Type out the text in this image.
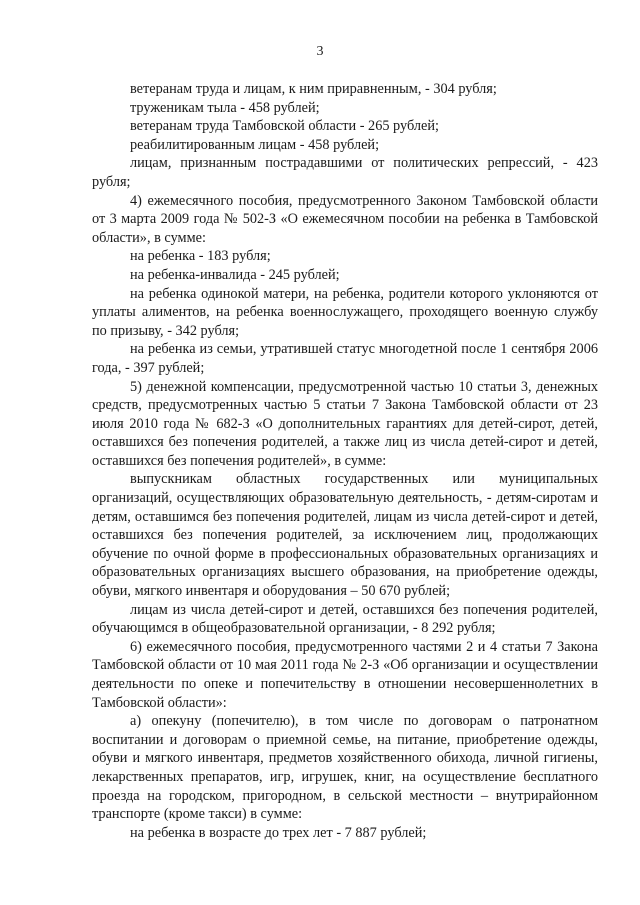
3

ветеранам труда и лицам, к ним приравненным, - 304 рубля;

труженикам тыла - 458 рублей;

ветеранам труда Тамбовской области - 265 рублей;

реабилитированным лицам - 458 рублей;

лицам, признанным пострадавшими от политических репрессий, - 423 рубля;

4) ежемесячного пособия, предусмотренного Законом Тамбовской области от 3 марта 2009 года № 502-З «О ежемесячном пособии на ребенка в Тамбовской области», в сумме:

на ребенка - 183 рубля;

на ребенка-инвалида - 245 рублей;

на ребенка одинокой матери, на ребенка, родители которого уклоняются от уплаты алиментов, на ребенка военнослужащего, проходящего военную службу по призыву, - 342 рубля;

на ребенка из семьи, утратившей статус многодетной после 1 сентября 2006 года, - 397 рублей;

5) денежной компенсации, предусмотренной частью 10 статьи 3, денежных средств, предусмотренных частью 5 статьи 7 Закона Тамбовской области от 23 июля 2010 года № 682-З «О дополнительных гарантиях для детей-сирот, детей, оставшихся без попечения родителей, а также лиц из числа детей-сирот и детей, оставшихся без попечения родителей», в сумме:

выпускникам областных государственных или муниципальных организаций, осуществляющих образовательную деятельность, - детям-сиротам и детям, оставшимся без попечения родителей, лицам из числа детей-сирот и детей, оставшихся без попечения родителей, за исключением лиц, продолжающих обучение по очной форме в профессиональных образовательных организациях и образовательных организациях высшего образования, на приобретение одежды, обуви, мягкого инвентаря и оборудования – 50 670 рублей;

лицам из числа детей-сирот и детей, оставшихся без попечения родителей, обучающимся в общеобразовательной организации, - 8 292 рубля;

6) ежемесячного пособия, предусмотренного частями 2 и 4 статьи 7 Закона Тамбовской области от 10 мая 2011 года № 2-З «Об организации и осуществлении деятельности по опеке и попечительству в отношении несовершеннолетних в Тамбовской области»:

а) опекуну (попечителю), в том числе по договорам о патронатном воспитании и договорам о приемной семье, на питание, приобретение одежды, обуви и мягкого инвентаря, предметов хозяйственного обихода, личной гигиены, лекарственных препаратов, игр, игрушек, книг, на осуществление бесплатного проезда на городском, пригородном, в сельской местности – внутрирайонном транспорте (кроме такси) в сумме:

на ребенка в возрасте до трех лет - 7 887 рублей;
